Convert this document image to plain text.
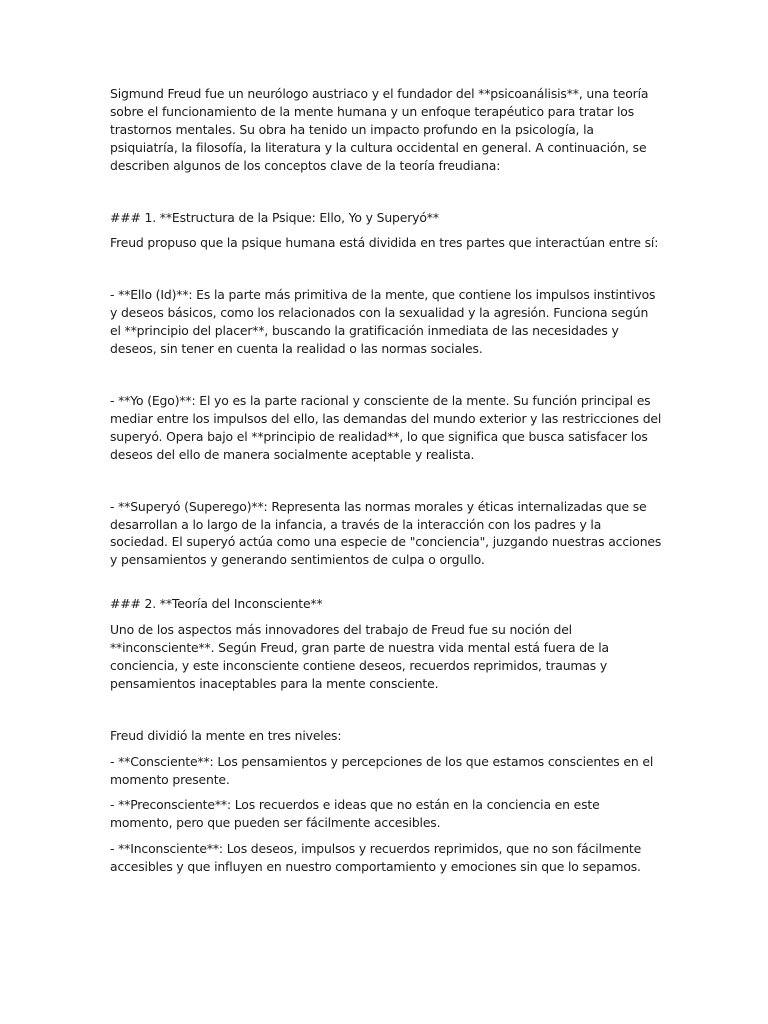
Sigmund Freud fue un neurólogo austriaco y el fundador del **psicoanálisis**, una teoría sobre el funcionamiento de la mente humana y un enfoque terapéutico para tratar los trastornos mentales. Su obra ha tenido un impacto profundo en la psicología, la psiquiatría, la filosofía, la literatura y la cultura occidental en general. A continuación, se describen algunos de los conceptos clave de la teoría freudiana:

### 1. **Estructura de la Psique: Ello, Yo y Superyó**

Freud propuso que la psique humana está dividida en tres partes que interactúan entre sí:

- **Ello (Id)**: Es la parte más primitiva de la mente, que contiene los impulsos instintivos y deseos básicos, como los relacionados con la sexualidad y la agresión. Funciona según el **principio del placer**, buscando la gratificación inmediata de las necesidades y deseos, sin tener en cuenta la realidad o las normas sociales.

- **Yo (Ego)**: El yo es la parte racional y consciente de la mente. Su función principal es mediar entre los impulsos del ello, las demandas del mundo exterior y las restricciones del superyó. Opera bajo el **principio de realidad**, lo que significa que busca satisfacer los deseos del ello de manera socialmente aceptable y realista.

- **Superyó (Superego)**: Representa las normas morales y éticas internalizadas que se desarrollan a lo largo de la infancia, a través de la interacción con los padres y la sociedad. El superyó actúa como una especie de "conciencia", juzgando nuestras acciones y pensamientos y generando sentimientos de culpa o orgullo.

### 2. **Teoría del Inconsciente**

Uno de los aspectos más innovadores del trabajo de Freud fue su noción del **inconsciente**. Según Freud, gran parte de nuestra vida mental está fuera de la conciencia, y este inconsciente contiene deseos, recuerdos reprimidos, traumas y pensamientos inaceptables para la mente consciente.

Freud dividió la mente en tres niveles:

- **Consciente**: Los pensamientos y percepciones de los que estamos conscientes en el momento presente.

- **Preconsciente**: Los recuerdos e ideas que no están en la conciencia en este momento, pero que pueden ser fácilmente accesibles.

- **Inconsciente**: Los deseos, impulsos y recuerdos reprimidos, que no son fácilmente accesibles y que influyen en nuestro comportamiento y emociones sin que lo sepamos.
